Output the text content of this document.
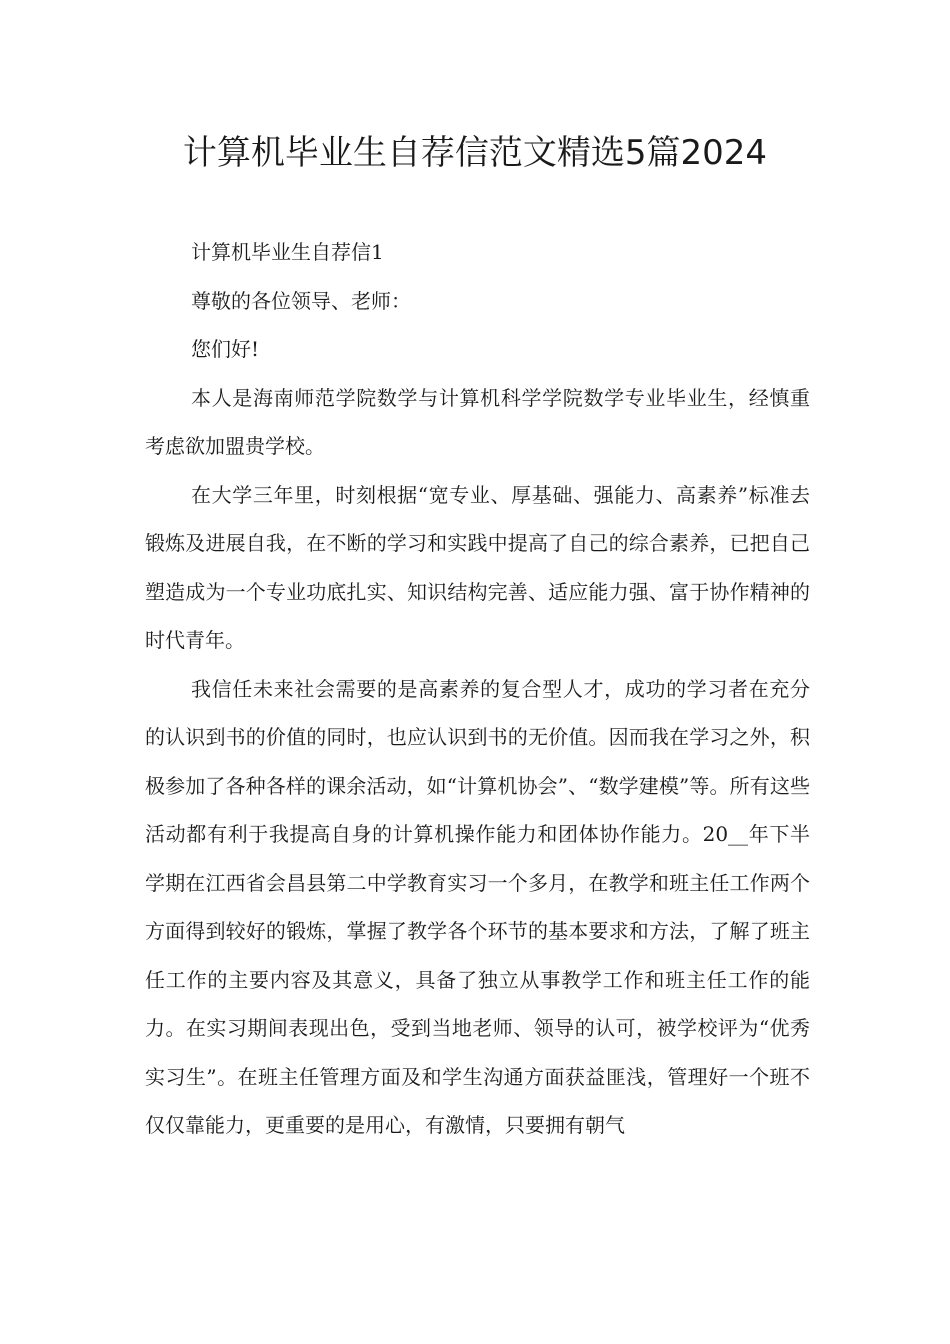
计算机毕业生自荐信范文精选5篇2024

计算机毕业生自荐信1

尊敬的各位领导、老师：

您们好!

本人是海南师范学院数学与计算机科学学院数学专业毕业生，经慎重考虑欲加盟贵学校。

在大学三年里，时刻根据“宽专业、厚基础、强能力、高素养”标准去锻炼及进展自我，在不断的学习和实践中提高了自己的综合素养，已把自己塑造成为一个专业功底扎实、知识结构完善、适应能力强、富于协作精神的时代青年。

我信任未来社会需要的是高素养的复合型人才，成功的学习者在充分的认识到书的价值的同时，也应认识到书的无价值。因而我在学习之外，积极参加了各种各样的课余活动，如“计算机协会”、“数学建模”等。所有这些活动都有利于我提高自身的计算机操作能力和团体协作能力。20__年下半学期在江西省会昌县第二中学教育实习一个多月，在教学和班主任工作两个方面得到较好的锻炼，掌握了教学各个环节的基本要求和方法，了解了班主任工作的主要内容及其意义，具备了独立从事教学工作和班主任工作的能力。在实习期间表现出色，受到当地老师、领导的认可，被学校评为“优秀实习生”。在班主任管理方面及和学生沟通方面获益匪浅，管理好一个班不仅仅靠能力，更重要的是用心，有激情，只要拥有朝气
